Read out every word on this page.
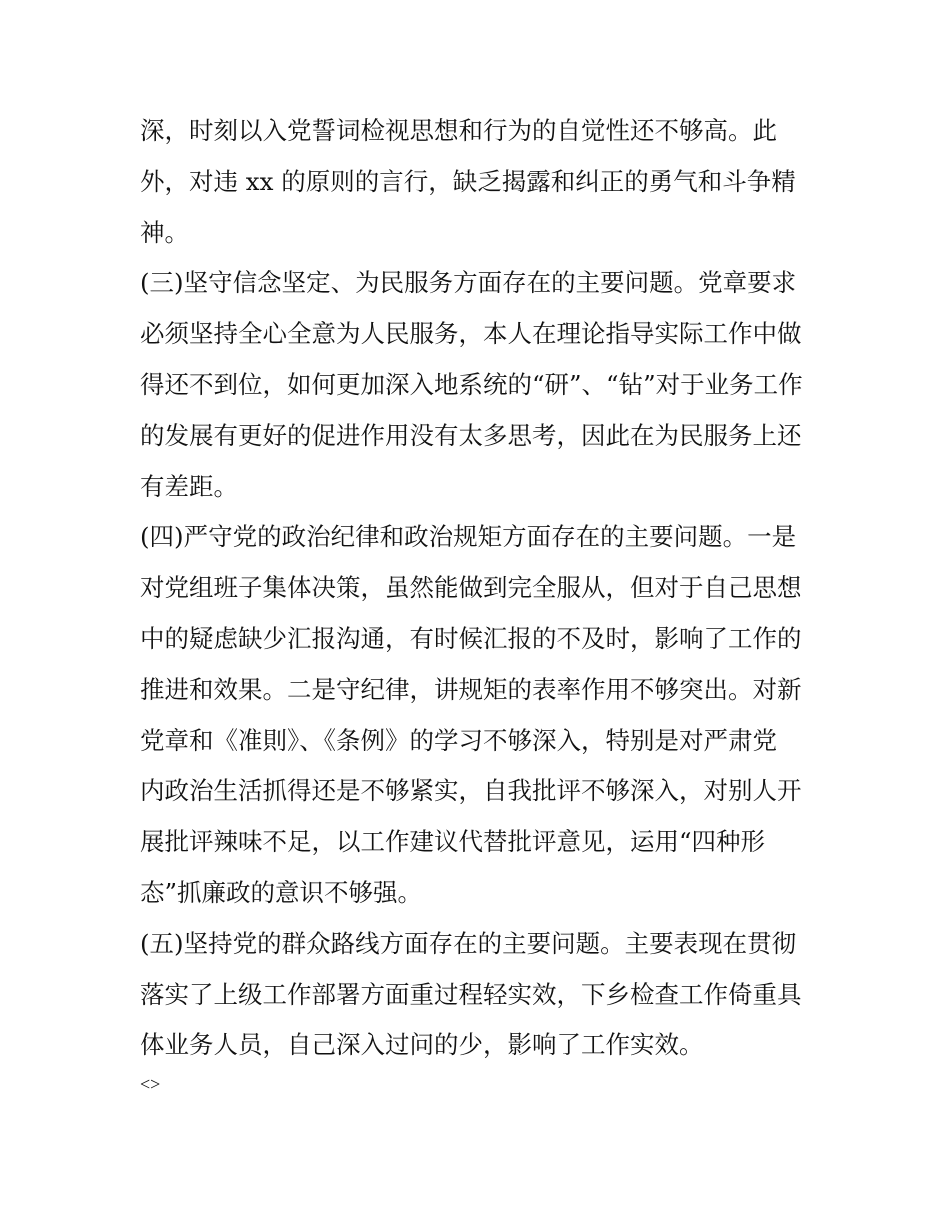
深，时刻以入党誓词检视思想和行为的自觉性还不够高。此
外，对违 xx 的原则的言行，缺乏揭露和纠正的勇气和斗争精
神。
(三)坚守信念坚定、为民服务方面存在的主要问题。党章要求
必须坚持全心全意为人民服务，本人在理论指导实际工作中做
得还不到位，如何更加深入地系统的“研”、“钻”对于业务工作
的发展有更好的促进作用没有太多思考，因此在为民服务上还
有差距。
(四)严守党的政治纪律和政治规矩方面存在的主要问题。一是
对党组班子集体决策，虽然能做到完全服从，但对于自己思想
中的疑虑缺少汇报沟通，有时候汇报的不及时，影响了工作的
推进和效果。二是守纪律，讲规矩的表率作用不够突出。对新
党章和《准則》、《条例》的学习不够深入，特别是对严肃党
内政治生活抓得还是不够紧实，自我批评不够深入，对别人开
展批评辣味不足，以工作建议代替批评意见，运用“四种形
态”抓廉政的意识不够强。
(五)坚持党的群众路线方面存在的主要问题。主要表现在贯彻
落实了上级工作部署方面重过程轻实效，下乡检查工作倚重具
体业务人员，自己深入过问的少，影响了工作实效。
<>
